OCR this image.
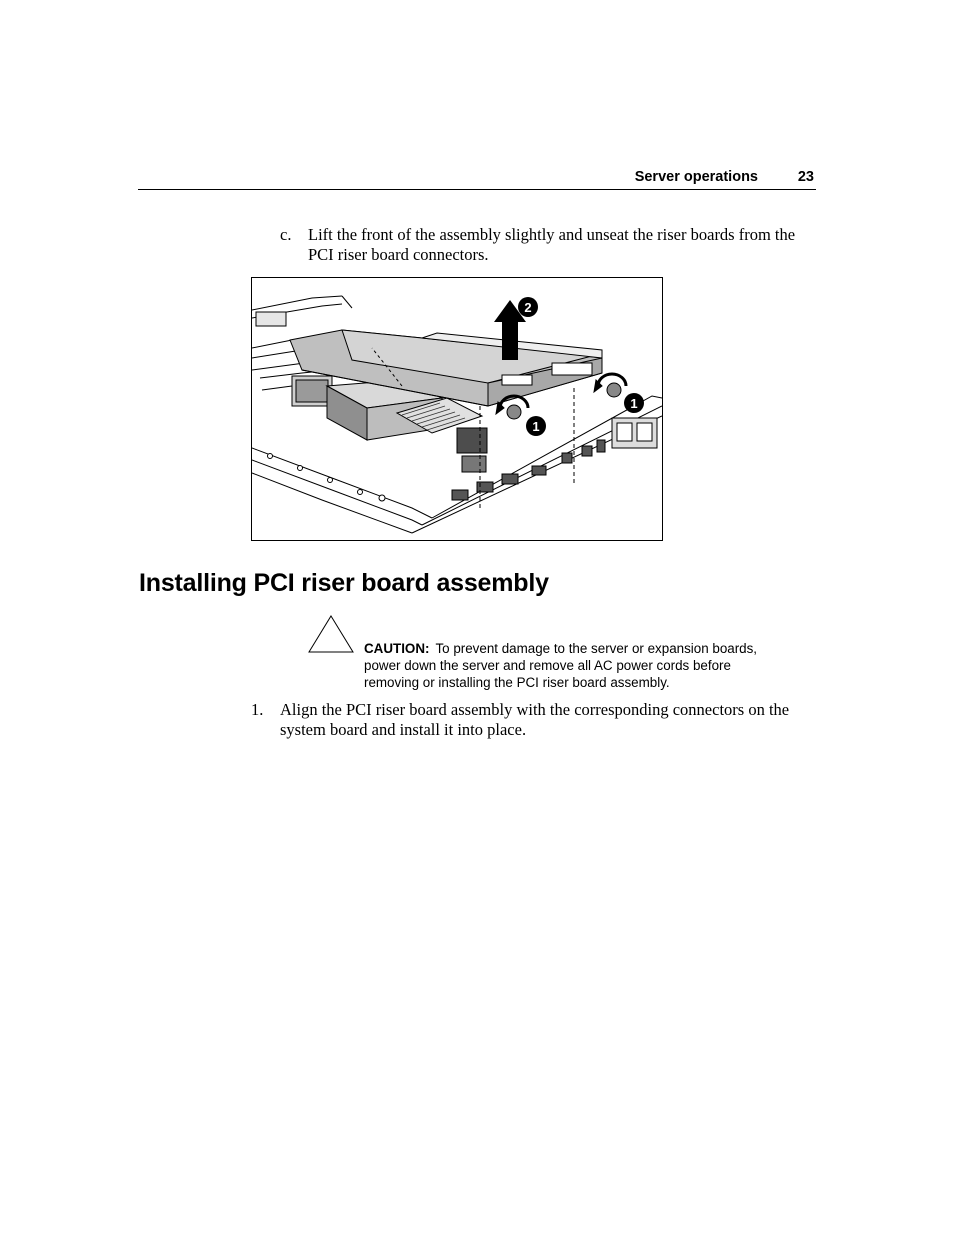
Server operations	23
c. Lift the front of the assembly slightly and unseat the riser boards from the PCI riser board connectors.
2
1
1
Installing PCI riser board assembly
CAUTION: To prevent damage to the server or expansion boards, power down the server and remove all AC power cords before removing or installing the PCI riser board assembly.
1. Align the PCI riser board assembly with the corresponding connectors on the system board and install it into place.
